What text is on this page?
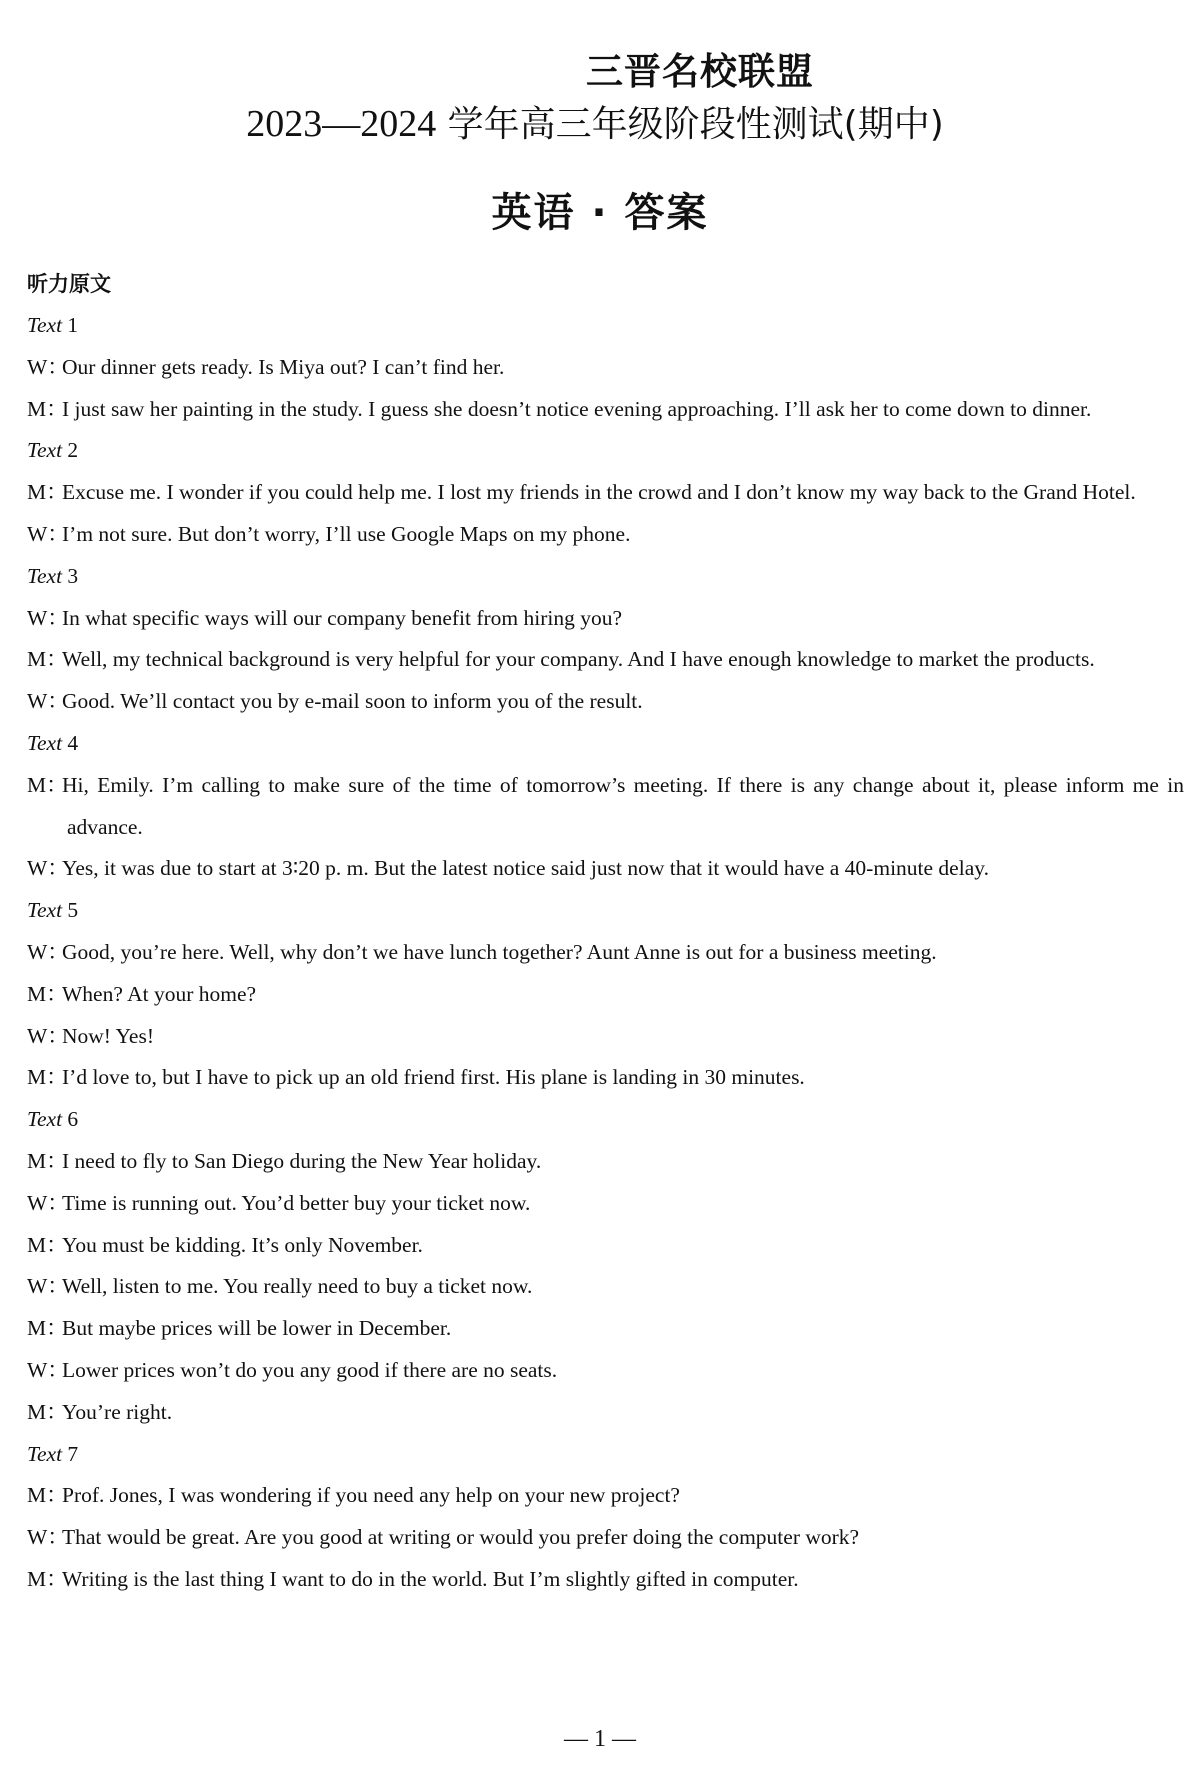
三晋名校联盟
2023—2024 学年高三年级阶段性测试(期中)
英语 · 答案
听力原文
Text 1
W：Our dinner gets ready. Is Miya out? I can’t find her.
M：I just saw her painting in the study. I guess she doesn’t notice evening approaching. I’ll ask her to come down to dinner.
Text 2
M：Excuse me. I wonder if you could help me. I lost my friends in the crowd and I don’t know my way back to the Grand Hotel.
W：I’m not sure. But don’t worry, I’ll use Google Maps on my phone.
Text 3
W：In what specific ways will our company benefit from hiring you?
M：Well, my technical background is very helpful for your company. And I have enough knowledge to market the products.
W：Good. We’ll contact you by e-mail soon to inform you of the result.
Text 4
M：Hi, Emily. I’m calling to make sure of the time of tomorrow’s meeting. If there is any change about it, please inform me in advance.
W：Yes, it was due to start at 3∶20 p. m. But the latest notice said just now that it would have a 40-minute delay.
Text 5
W：Good, you’re here. Well, why don’t we have lunch together? Aunt Anne is out for a business meeting.
M：When? At your home?
W：Now! Yes!
M：I’d love to, but I have to pick up an old friend first. His plane is landing in 30 minutes.
Text 6
M：I need to fly to San Diego during the New Year holiday.
W：Time is running out. You’d better buy your ticket now.
M：You must be kidding. It’s only November.
W：Well, listen to me. You really need to buy a ticket now.
M：But maybe prices will be lower in December.
W：Lower prices won’t do you any good if there are no seats.
M：You’re right.
Text 7
M：Prof. Jones, I was wondering if you need any help on your new project?
W：That would be great. Are you good at writing or would you prefer doing the computer work?
M：Writing is the last thing I want to do in the world. But I’m slightly gifted in computer.
— 1 —
